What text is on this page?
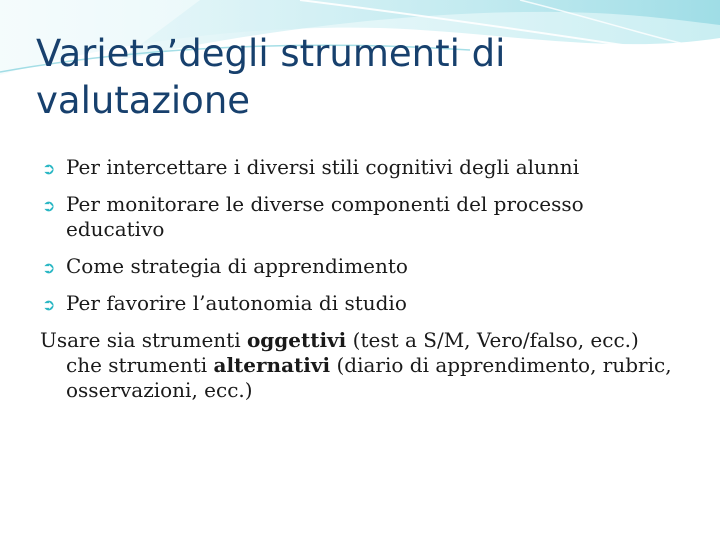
Varieta’degli strumenti di valutazione
➲ Per intercettare i diversi stili cognitivi degli alunni
➲ Per monitorare le diverse componenti del processo educativo
➲ Come strategia di apprendimento
➲ Per favorire l’autonomia di studio
Usare sia strumenti oggettivi (test a S/M, Vero/falso, ecc.) che strumenti alternativi (diario di apprendimento, rubric, osservazioni, ecc.)
